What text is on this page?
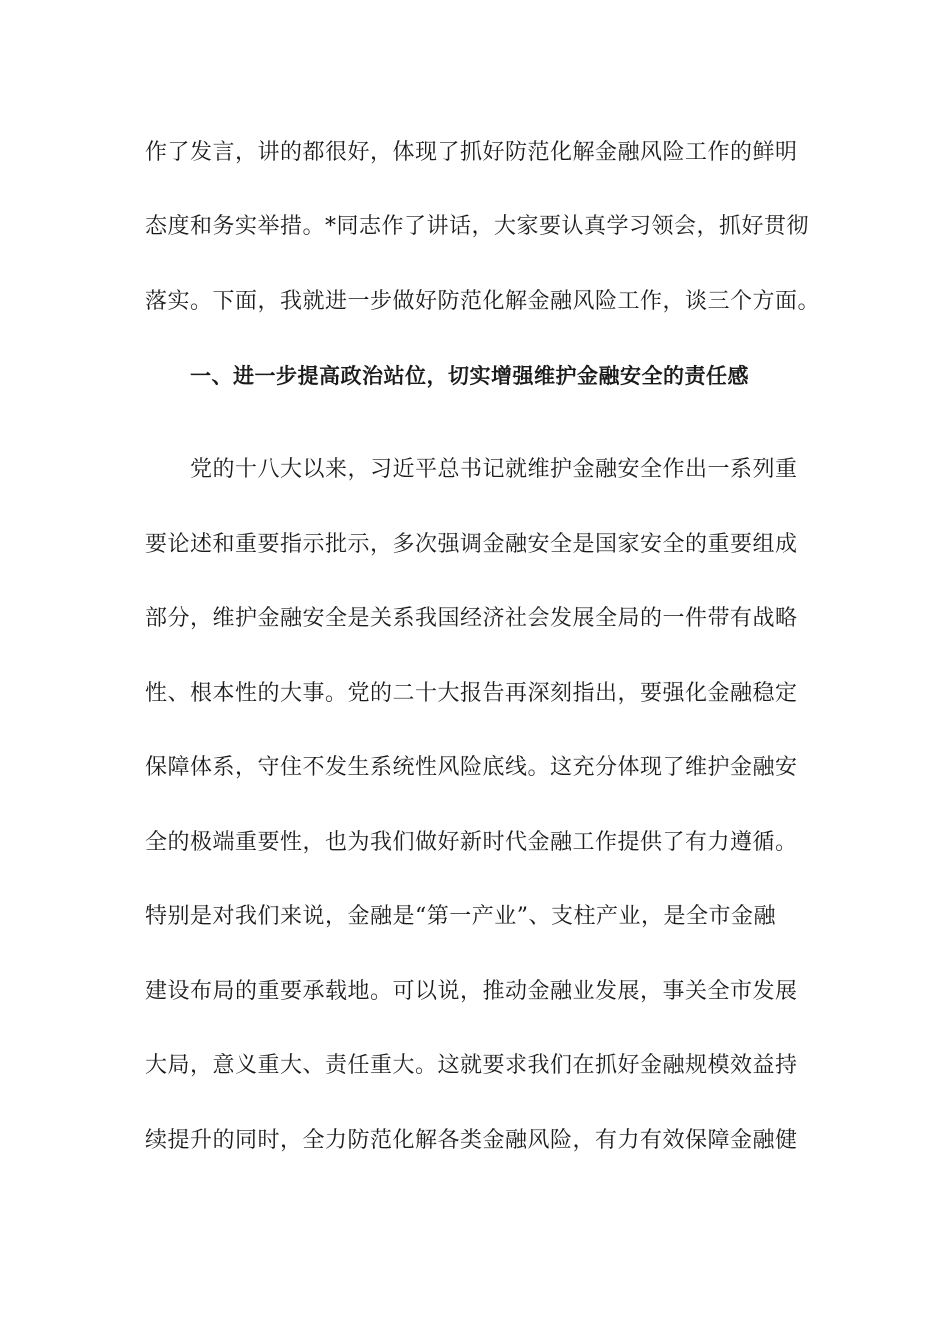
作了发言，讲的都很好，体现了抓好防范化解金融风险工作的鲜明
态度和务实举措。*同志作了讲话，大家要认真学习领会，抓好贯彻
落实。下面，我就进一步做好防范化解金融风险工作，谈三个方面。
一、进一步提高政治站位，切实增强维护金融安全的责任感
党的十八大以来，习近平总书记就维护金融安全作出一系列重
要论述和重要指示批示，多次强调金融安全是国家安全的重要组成
部分，维护金融安全是关系我国经济社会发展全局的一件带有战略
性、根本性的大事。党的二十大报告再深刻指出，要强化金融稳定
保障体系，守住不发生系统性风险底线。这充分体现了维护金融安
全的极端重要性，也为我们做好新时代金融工作提供了有力遵循。
特别是对我们来说，金融是“第一产业”、支柱产业，是全市金融
建设布局的重要承载地。可以说，推动金融业发展，事关全市发展
大局，意义重大、责任重大。这就要求我们在抓好金融规模效益持
续提升的同时，全力防范化解各类金融风险，有力有效保障金融健
